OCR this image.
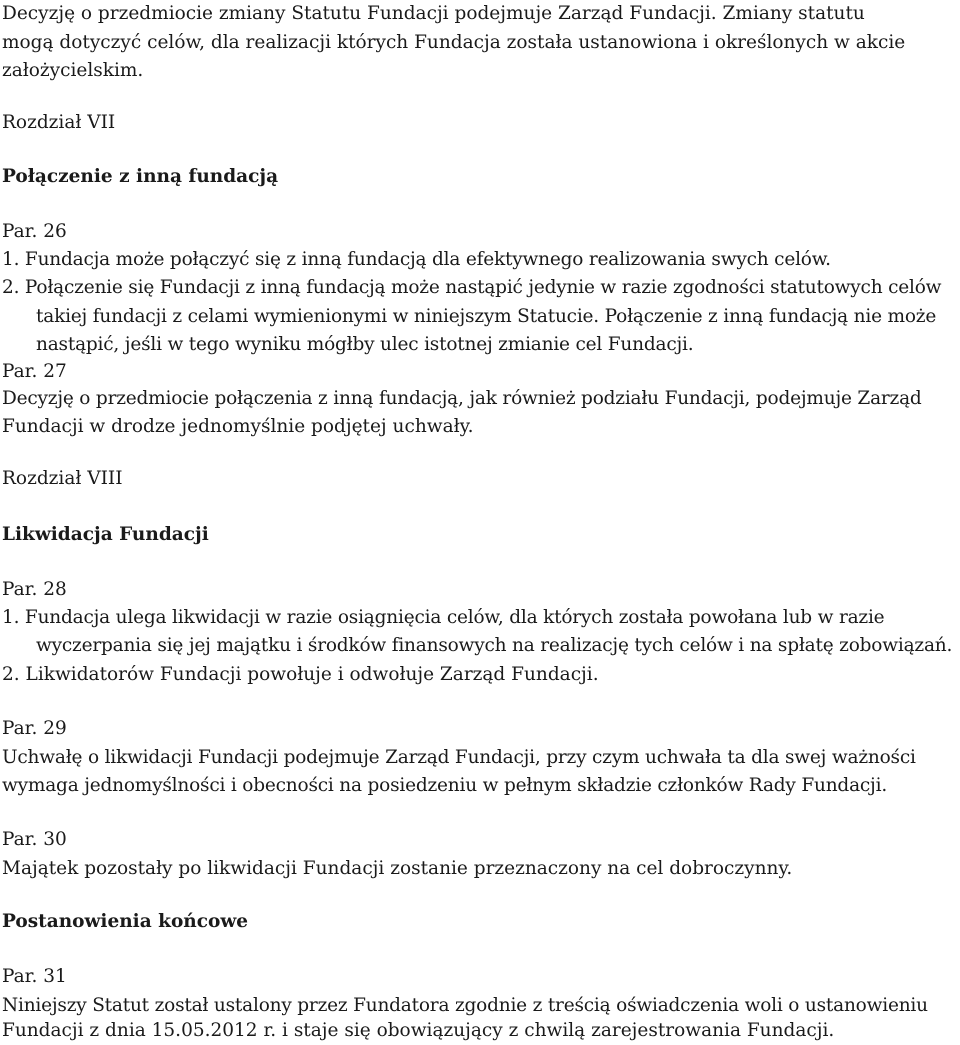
Decyzję o przedmiocie zmiany Statutu Fundacji podejmuje Zarząd Fundacji. Zmiany statutu
mogą dotyczyć celów, dla realizacji których Fundacja została ustanowiona i określonych w akcie
założycielskim.
Rozdział VII
Połączenie z inną fundacją
Par. 26
1. Fundacja może połączyć się z inną fundacją dla efektywnego realizowania swych celów.
2. Połączenie się Fundacji z inną fundacją może nastąpić jedynie w razie zgodności statutowych celów
takiej fundacji z celami wymienionymi w niniejszym Statucie. Połączenie z inną fundacją nie może
nastąpić, jeśli w tego wyniku mógłby ulec istotnej zmianie cel Fundacji.
Par. 27
Decyzję o przedmiocie połączenia z inną fundacją, jak również podziału Fundacji, podejmuje Zarząd
Fundacji w drodze jednomyślnie podjętej uchwały.
Rozdział VIII
Likwidacja Fundacji
Par. 28
1. Fundacja ulega likwidacji w razie osiągnięcia celów, dla których została powołana lub w razie
wyczerpania się jej majątku i środków finansowych na realizację tych celów i na spłatę zobowiązań.
2. Likwidatorów Fundacji powołuje i odwołuje Zarząd Fundacji.
Par. 29
Uchwałę o likwidacji Fundacji podejmuje Zarząd Fundacji, przy czym uchwała ta dla swej ważności
wymaga jednomyślności i obecności na posiedzeniu w pełnym składzie członków Rady Fundacji.
Par. 30
Majątek pozostały po likwidacji Fundacji zostanie przeznaczony na cel dobroczynny.
Postanowienia końcowe
Par. 31
Niniejszy Statut został ustalony przez Fundatora zgodnie z treścią oświadczenia woli o ustanowieniu
Fundacji z dnia 15.05.2012 r. i staje się obowiązujący z chwilą zarejestrowania Fundacji.
